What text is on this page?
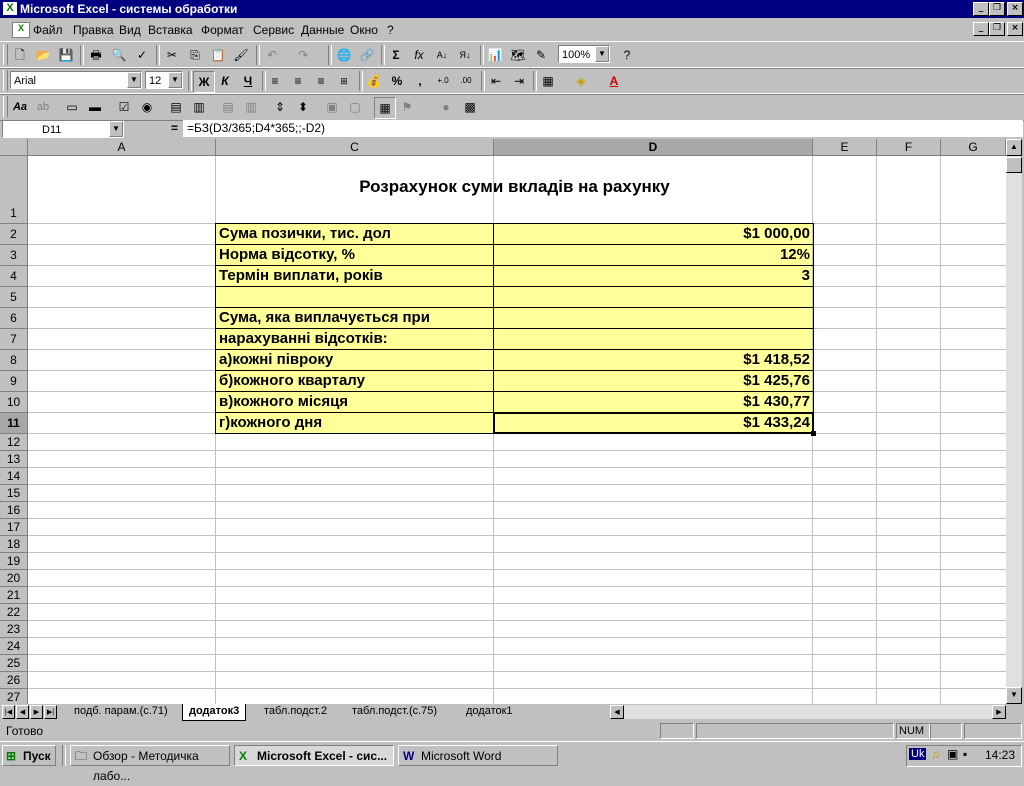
X Microsoft Excel - системы обработки	_	❐	×
X Файл Правка Вид Вставка Формат Сервис Данные Окно ?	_	❐	×
🗋 📂 💾	🖶 🔍 ✓	✂	⎘ 📋 🖌	↶	↷	🌐 🔗	Σ	fx	A↓	Я↓	📊 🗺 ✎	100% ▼	?
Arial	▼	12	▼	Ж К	Ч	≡	≡	≡	⊞	💰 %	,	+.0	.00	⇤	⇥	▦	◈	A
Aa ab	▭ ▬	☑	◉	▤ ▥	▤ ▥	⇕	⬍	▣ ▢	▦ ⚑	●	▩
D11	▼	= =БЗ(D3/365;D4*365;;-D2)
A	C	D	E	F	G
1
2
3
4
5
6
7
8
9
10
11
12
13
14
15
16
17
18
19
20
21
22
23
24
25
26
27
Розрахунок суми вкладів на рахунку
Сума позички, тис. дол	$1 000,00
Норма відсотку, %	12%
Термін виплати, років	3
Сума, яка виплачується при
нарахуванні відсотків:
а)кожні півроку	$1 418,52
б)кожного кварталу	$1 425,76
в)кожного місяця	$1 430,77
г)кожного дня	$1 433,24
▲
▼
|◀	◀	▶	▶|	подб. парам.(с.71)	додаток3	табл.подст.2	табл.подст.(с.75)	додаток1	◀	▶
Готово	NUM
⊞ Пуск	🗀 Обзор - Методичка лабо...
X Microsoft Excel - сис...	W Microsoft Word	Uk ♫ ▣ ▪ 14:23
